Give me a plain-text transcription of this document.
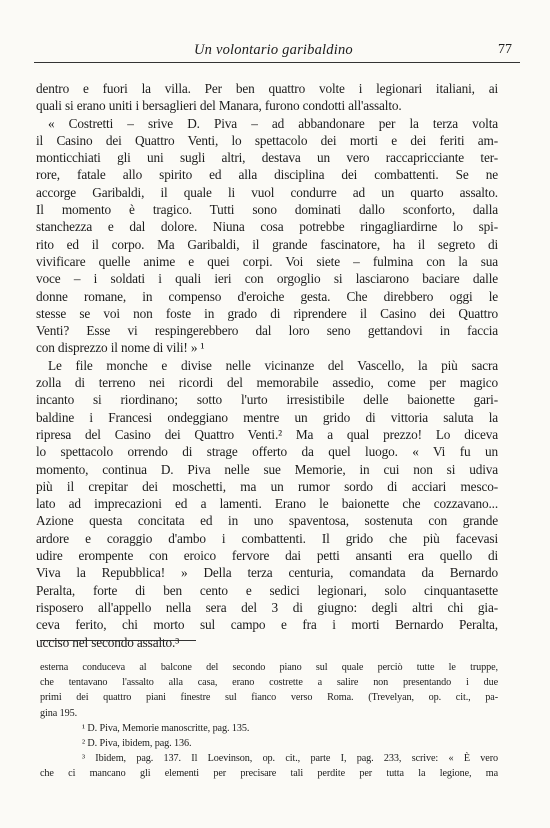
Un volontario garibaldino	77
dentro e fuori la villa. Per ben quattro volte i legionari italiani, ai
quali si erano uniti i bersaglieri del Manara, furono condotti all'assalto.
« Costretti – srive D. Piva – ad abbandonare per la terza volta
il Casino dei Quattro Venti, lo spettacolo dei morti e dei feriti am-
monticchiati gli uni sugli altri, destava un vero raccapricciante ter-
rore, fatale allo spirito ed alla disciplina dei combattenti. Se ne
accorge Garibaldi, il quale li vuol condurre ad un quarto assalto.
Il momento è tragico. Tutti sono dominati dallo sconforto, dalla
stanchezza e dal dolore. Niuna cosa potrebbe ringagliardirne lo spi-
rito ed il corpo. Ma Garibaldi, il grande fascinatore, ha il segreto di
vivificare quelle anime e quei corpi. Voi siete – fulmina con la sua
voce – i soldati i quali ieri con orgoglio si lasciarono baciare dalle
donne romane, in compenso d'eroiche gesta. Che direbbero oggi le
stesse se voi non foste in grado di riprendere il Casino dei Quattro
Venti? Esse vi respingerebbero dal loro seno gettandovi in faccia
con disprezzo il nome di vili! » ¹
Le file monche e divise nelle vicinanze del Vascello, la più sacra
zolla di terreno nei ricordi del memorabile assedio, come per magico
incanto si riordinano; sotto l'urto irresistibile delle baionette gari-
baldine i Francesi ondeggiano mentre un grido di vittoria saluta la
ripresa del Casino dei Quattro Venti.² Ma a qual prezzo! Lo diceva
lo spettacolo orrendo di strage offerto da quel luogo. « Vi fu un
momento, continua D. Piva nelle sue Memorie, in cui non si udiva
più il crepitar dei moschetti, ma un rumor sordo di acciari mesco-
lato ad imprecazioni ed a lamenti. Erano le baionette che cozzavano...
Azione questa concitata ed in uno spaventosa, sostenuta con grande
ardore e coraggio d'ambo i combattenti. Il grido che più facevasi
udire erompente con eroico fervore dai petti ansanti era quello di
Viva la Repubblica! » Della terza centuria, comandata da Bernardo
Peralta, forte di ben cento e sedici legionari, solo cinquantasette
risposero all'appello nella sera del 3 di giugno: degli altri chi gia-
ceva ferito, chi morto sul campo e fra i morti Bernardo Peralta,
ucciso nel secondo assalto.³
esterna conduceva al balcone del secondo piano sul quale perciò tutte le truppe,
che tentavano l'assalto alla casa, erano costrette a salire non presentando i due
primi dei quattro piani finestre sul fianco verso Roma. (Trevelyan, op. cit., pa-
gina 195.
¹ D. Piva, Memorie manoscritte, pag. 135.
² D. Piva, ibidem, pag. 136.
³ Ibidem, pag. 137. Il Loevinson, op. cit., parte I, pag. 233, scrive: « È vero
che ci mancano gli elementi per precisare tali perdite per tutta la legione, ma
